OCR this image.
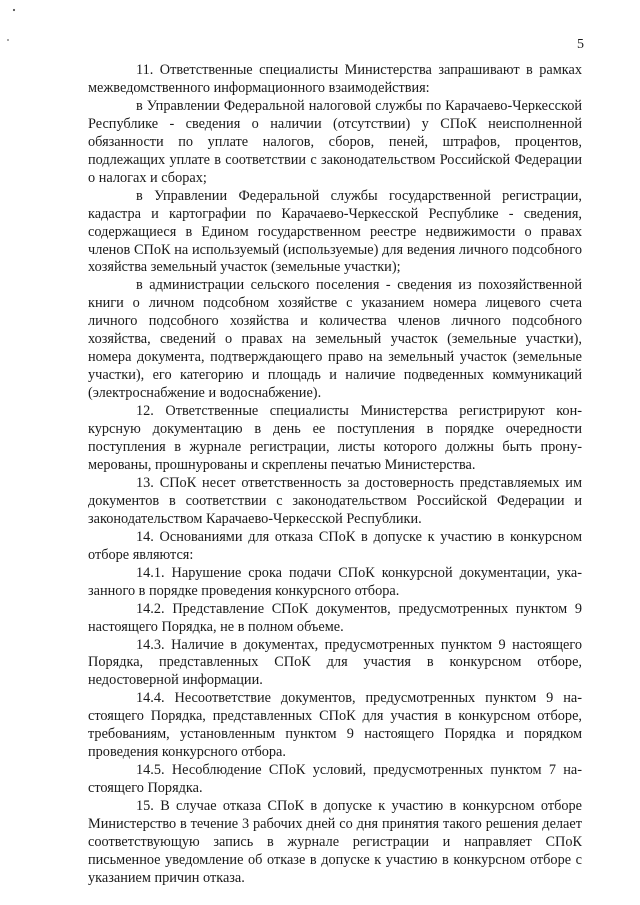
5

11. Ответственные специалисты Министерства запрашивают в рамках межведомственного информационного взаимодействия:

в Управлении Федеральной налоговой службы по Карачаево-Черкесской Республике - сведения о наличии (отсутствии) у СПоК неисполненной обязанности по уплате налогов, сборов, пеней, штрафов, процентов, подлежащих уплате в соответствии с законодательством Российской Федерации о налогах и сборах;

в Управлении Федеральной службы государственной регистрации, кадастра и картографии по Карачаево-Черкесской Республике - сведения, содержащиеся в Едином государственном реестре недвижимости о правах членов СПоК на используемый (используемые) для ведения личного подсобного хозяйства земельный участок (земельные участки);

в администрации сельского поселения - сведения из похозяйственной книги о личном подсобном хозяйстве с указанием номера лицевого счета личного подсобного хозяйства и количества членов личного подсобного хозяйства, сведений о правах на земельный участок (земельные участки), номера документа, подтверждающего право на земельный участок (земельные участки), его категорию и площадь и наличие подведенных коммуникаций (электроснабжение и водоснабжение).

12. Ответственные специалисты Министерства регистрируют конкурсную документацию в день ее поступления в порядке очередности поступления в журнале регистрации, листы которого должны быть пронумерованы, прошнурованы и скреплены печатью Министерства.

13. СПоК несет ответственность за достоверность представляемых им документов в соответствии с законодательством Российской Федерации и законодательством Карачаево-Черкесской Республики.

14. Основаниями для отказа СПоК в допуске к участию в конкурсном отборе являются:

14.1. Нарушение срока подачи СПоК конкурсной документации, указанного в порядке проведения конкурсного отбора.

14.2. Представление СПоК документов, предусмотренных пунктом 9 настоящего Порядка, не в полном объеме.

14.3. Наличие в документах, предусмотренных пунктом 9 настоящего Порядка, представленных СПоК для участия в конкурсном отборе, недостоверной информации.

14.4. Несоответствие документов, предусмотренных пунктом 9 настоящего Порядка, представленных СПоК для участия в конкурсном отборе, требованиям, установленным пунктом 9 настоящего Порядка и порядком проведения конкурсного отбора.

14.5. Несоблюдение СПоК условий, предусмотренных пунктом 7 настоящего Порядка.

15. В случае отказа СПоК в допуске к участию в конкурсном отборе Министерство в течение 3 рабочих дней со дня принятия такого решения делает соответствующую запись в журнале регистрации и направляет СПоК письменное уведомление об отказе в допуске к участию в конкурсном отборе с указанием причин отказа.
